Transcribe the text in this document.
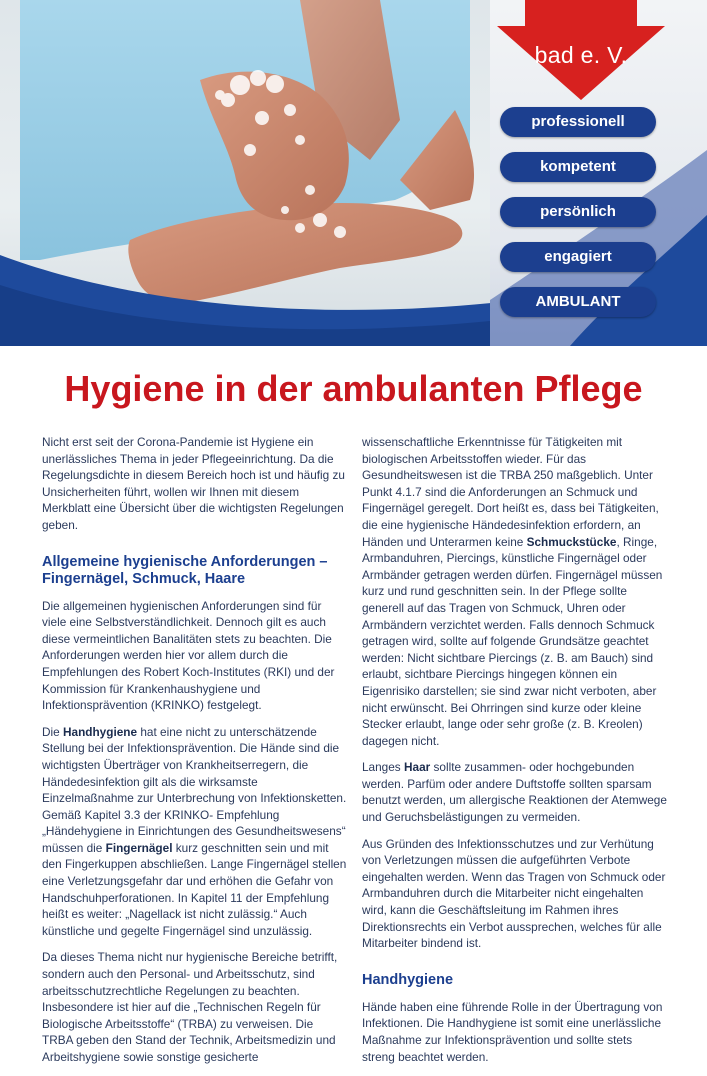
bad e. V.
professionell
kompetent
persönlich
engagiert
AMBULANT
Hygiene in der ambulanten Pflege

Nicht erst seit der Corona-Pandemie ist Hygiene ein unerlässliches Thema in jeder Pflegeeinrichtung. Da die Regelungsdichte in diesem Bereich hoch ist und häufig zu Unsicherheiten führt, wollen wir Ihnen mit diesem Merkblatt eine Übersicht über die wichtigsten Regelungen geben.

Allgemeine hygienische Anforderungen – Fingernägel, Schmuck, Haare

Die allgemeinen hygienischen Anforderungen sind für viele eine Selbstverständlichkeit. Dennoch gilt es auch diese vermeintlichen Banalitäten stets zu beachten. Die Anforderungen werden hier vor allem durch die Empfehlungen des Robert Koch-Institutes (RKI) und der Kommission für Krankenhaushygiene und Infektionsprävention (KRINKO) festgelegt.

Die Handhygiene hat eine nicht zu unterschätzende Stellung bei der Infektionsprävention. Die Hände sind die wichtigsten Überträger von Krankheitserregern, die Händedesinfektion gilt als die wirksamste Einzelmaßnahme zur Unterbrechung von Infektionsketten. Gemäß Kapitel 3.3 der KRINKO- Empfehlung „Händehygiene in Einrichtungen des Gesundheitswesens“ müssen die Fingernägel kurz geschnitten sein und mit den Fingerkuppen abschließen. Lange Fingernägel stellen eine Verletzungsgefahr dar und erhöhen die Gefahr von Handschuhperforationen. In Kapitel 11 der Empfehlung heißt es weiter: „Nagellack ist nicht zulässig.“ Auch künstliche und gegelte Fingernägel sind unzulässig.

Da dieses Thema nicht nur hygienische Bereiche betrifft, sondern auch den Personal- und Arbeitsschutz, sind arbeitsschutzrechtliche Regelungen zu beachten. Insbesondere ist hier auf die „Technischen Regeln für Biologische Arbeitsstoffe“ (TRBA) zu verweisen. Die TRBA geben den Stand der Technik, Arbeitsmedizin und Arbeitshygiene sowie sonstige gesicherte

wissenschaftliche Erkenntnisse für Tätigkeiten mit biologischen Arbeitsstoffen wieder. Für das Gesundheitswesen ist die TRBA 250 maßgeblich. Unter Punkt 4.1.7 sind die Anforderungen an Schmuck und Fingernägel geregelt. Dort heißt es, dass bei Tätigkeiten, die eine hygienische Händedesinfektion erfordern, an Händen und Unterarmen keine Schmuckstücke, Ringe, Armbanduhren, Piercings, künstliche Fingernägel oder Armbänder getragen werden dürfen. Fingernägel müssen kurz und rund geschnitten sein. In der Pflege sollte generell auf das Tragen von Schmuck, Uhren oder Armbändern verzichtet werden. Falls dennoch Schmuck getragen wird, sollte auf folgende Grundsätze geachtet werden: Nicht sichtbare Piercings (z. B. am Bauch) sind erlaubt, sichtbare Piercings hingegen können ein Eigenrisiko darstellen; sie sind zwar nicht verboten, aber nicht erwünscht. Bei Ohrringen sind kurze oder kleine Stecker erlaubt, lange oder sehr große (z. B. Kreolen) dagegen nicht.

Langes Haar sollte zusammen- oder hochgebunden werden. Parfüm oder andere Duftstoffe sollten sparsam benutzt werden, um allergische Reaktionen der Atemwege und Geruchsbelästigungen zu vermeiden.

Aus Gründen des Infektionsschutzes und zur Verhütung von Verletzungen müssen die aufgeführten Verbote eingehalten werden. Wenn das Tragen von Schmuck oder Armbanduhren durch die Mitarbeiter nicht eingehalten wird, kann die Geschäftsleitung im Rahmen ihres Direktionsrechts ein Verbot aussprechen, welches für alle Mitarbeiter bindend ist.

Handhygiene

Hände haben eine führende Rolle in der Übertragung von Infektionen. Die Handhygiene ist somit eine unerlässliche Maßnahme zur Infektionsprävention und sollte stets streng beachtet werden.
